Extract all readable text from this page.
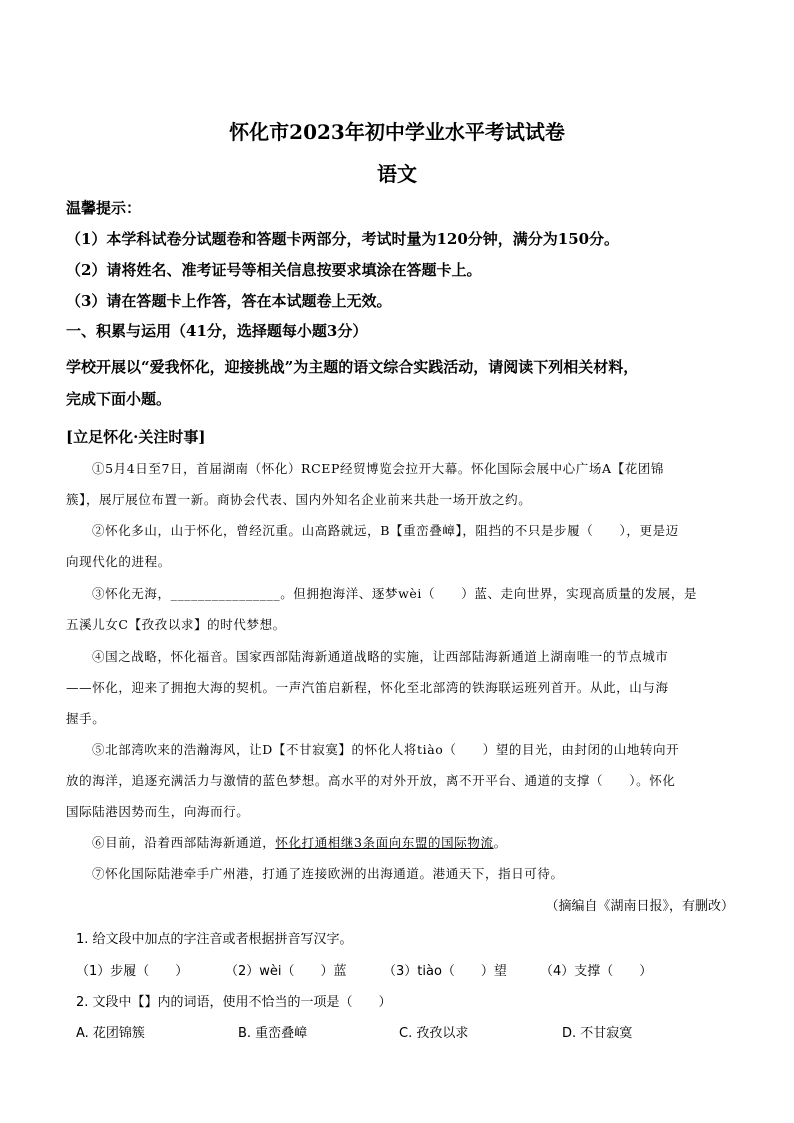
怀化市2023年初中学业水平考试试卷
语文
温馨提示：
（1）本学科试卷分试题卷和答题卡两部分，考试时量为120分钟，满分为150分。
（2）请将姓名、准考证号等相关信息按要求填涂在答题卡上。
（3）请在答题卡上作答，答在本试题卷上无效。
一、积累与运用（41分，选择题每小题3分）
学校开展以“爱我怀化，迎接挑战”为主题的语文综合实践活动，请阅读下列相关材料，
完成下面小题。
[立足怀化·关注时事]
①5月4日至7日，首届湖南（怀化）RCEP经贸博览会拉开大幕。怀化国际会展中心广场A【花团锦
簇】，展厅展位布置一新。商协会代表、国内外知名企业前来共赴一场开放之约。
②怀化多山，山于怀化，曾经沉重。山高路就远，B【重峦叠嶂】，阻挡的不只是步履（　　），更是迈
向现代化的进程。
③怀化无海，________________。但拥抱海洋、逐梦wèi（　　）蓝、走向世界，实现高质量的发展，是
五溪儿女C【孜孜以求】的时代梦想。
④国之战略，怀化福音。国家西部陆海新通道战略的实施，让西部陆海新通道上湖南唯一的节点城市
——怀化，迎来了拥抱大海的契机。一声汽笛启新程，怀化至北部湾的铁海联运班列首开。从此，山与海
握手。
⑤北部湾吹来的浩瀚海风，让D【不甘寂寞】的怀化人将tiào（　　）望的目光，由封闭的山地转向开
放的海洋，追逐充满活力与激情的蓝色梦想。高水平的对外开放，离不开平台、通道的支撑（　　）。怀化
国际陆港因势而生，向海而行。
⑥目前，沿着西部陆海新通道，怀化打通相继3条面向东盟的国际物流。
⑦怀化国际陆港牵手广州港，打通了连接欧洲的出海通道。港通天下，指日可待。
（摘编自《湖南日报》，有删改）
1. 给文段中加点的字注音或者根据拼音写汉字。
（1）步履（　　）	（2）wèi（　　）蓝	（3）tiào（　　）望	（4）支撑（　　）
2. 文段中【】内的词语，使用不恰当的一项是（　　）
A. 花团锦簇	B. 重峦叠嶂	C. 孜孜以求	D. 不甘寂寞
